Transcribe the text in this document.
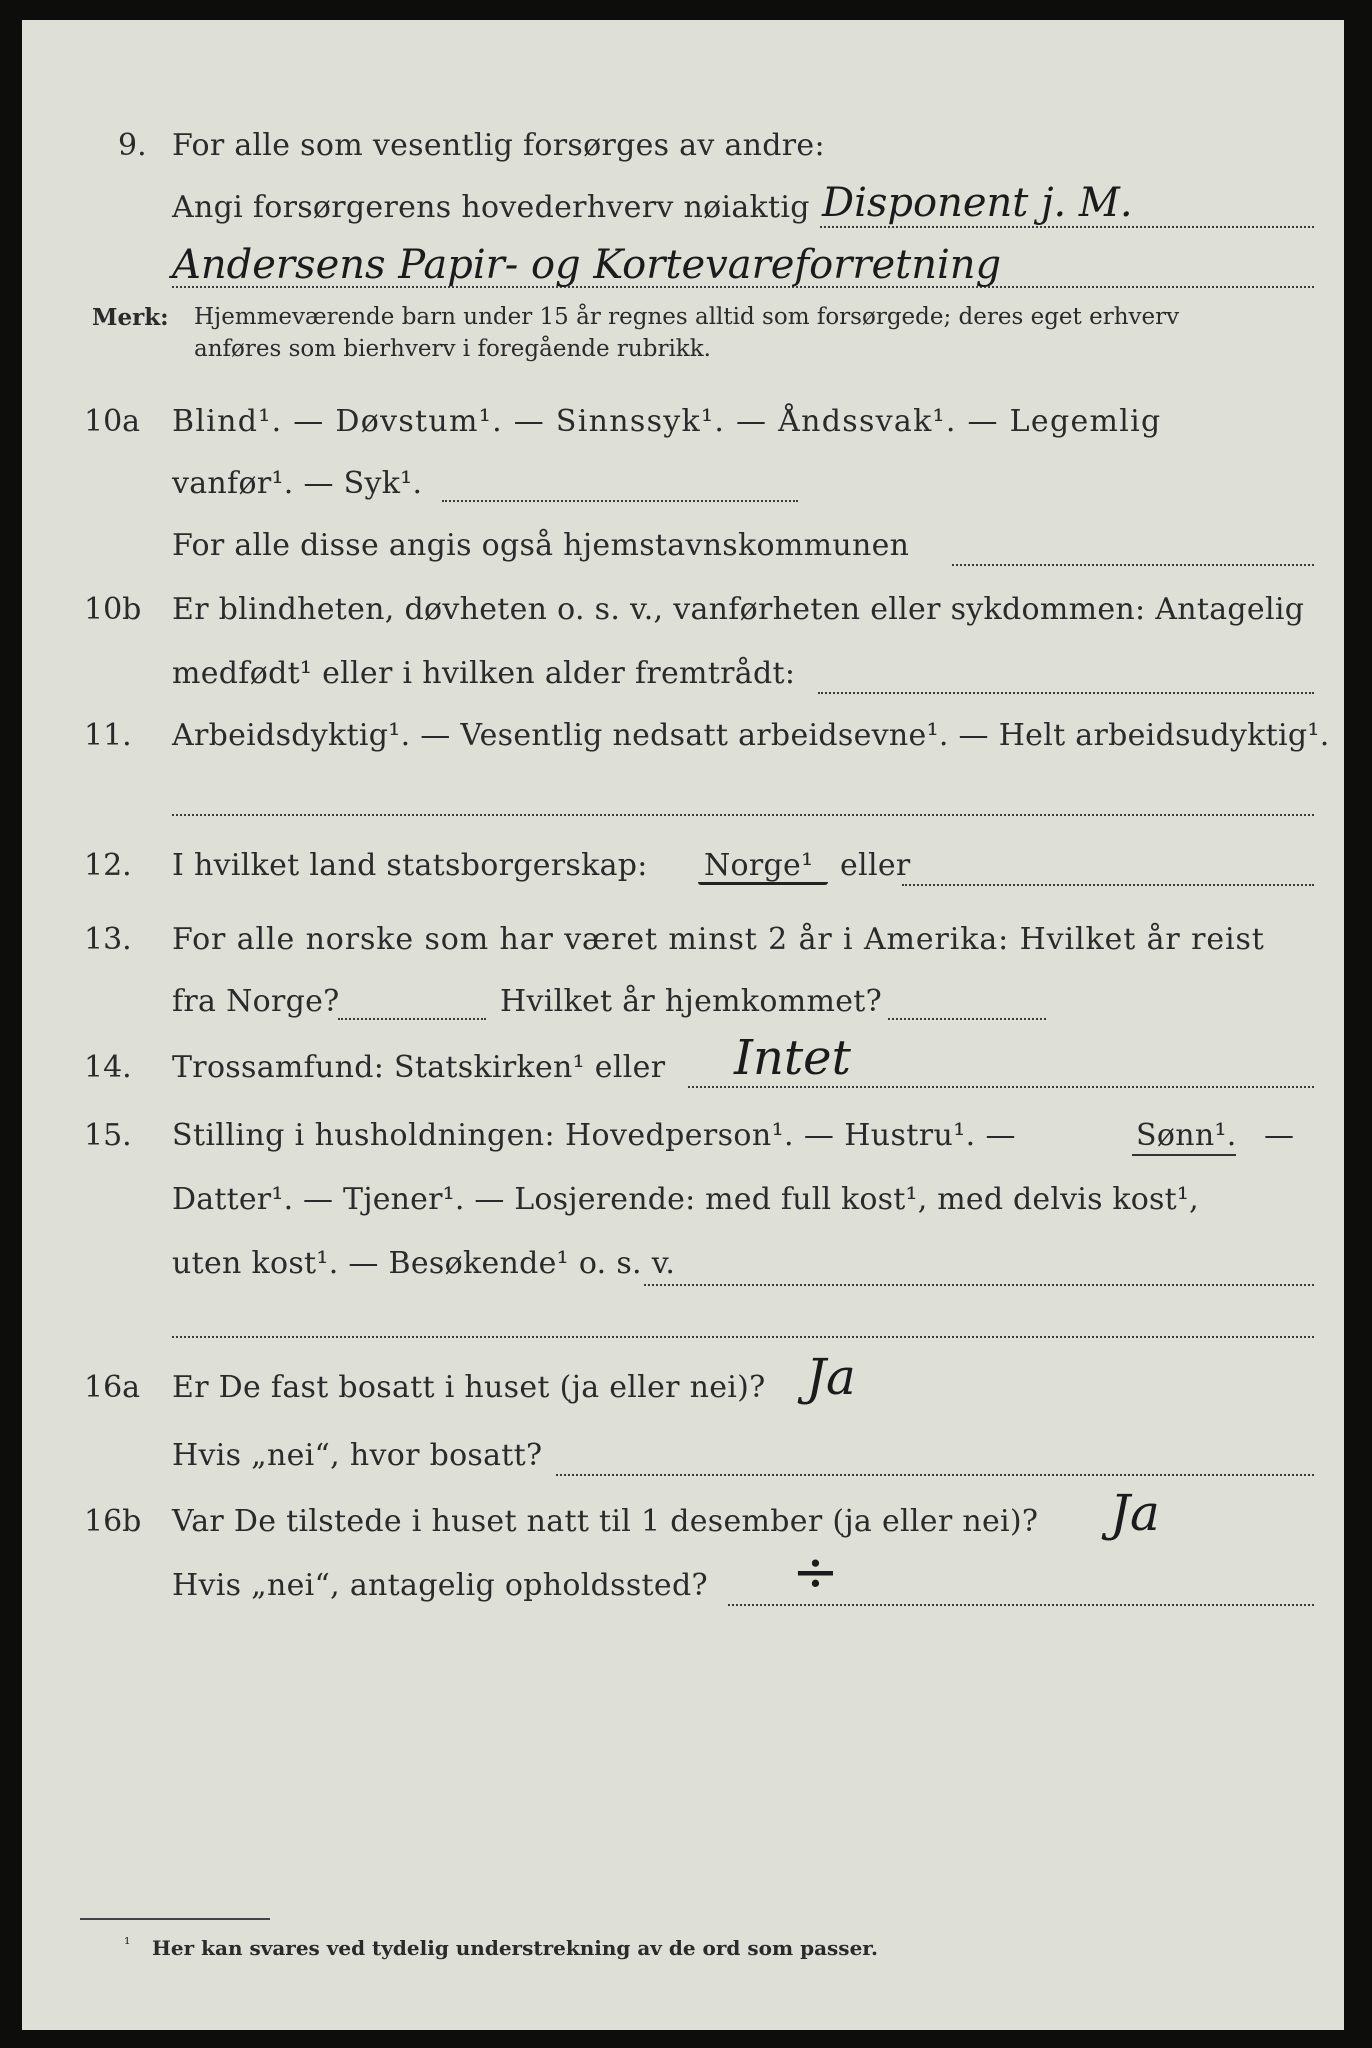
9. For alle som vesentlig forsørges av andre:
Angi forsørgerens hovederhverv nøiaktig Disponent j. M.
Andersens Papir- og Kortevareforretning
Merk: Hjemmeværende barn under 15 år regnes alltid som forsørgede; deres eget erhverv
anføres som bierhverv i foregående rubrikk.
10a Blind¹. — Døvstum¹. — Sinnssyk¹. — Åndssvak¹. — Legemlig
vanfør¹. — Syk¹.
For alle disse angis også hjemstavnskommunen
10b Er blindheten, døvheten o. s. v., vanførheten eller sykdommen: Antagelig
medfødt¹ eller i hvilken alder fremtrådt:
11. Arbeidsdyktig¹. — Vesentlig nedsatt arbeidsevne¹. — Helt arbeidsudyktig¹.
12. I hvilket land statsborgerskap: Norge¹ eller
13. For alle norske som har været minst 2 år i Amerika: Hvilket år reist
fra Norge?	Hvilket år hjemkommet?
14. Trossamfund: Statskirken¹ eller Intet
15. Stilling i husholdningen: Hovedperson¹. — Hustru¹. —	Sønn¹. —
Datter¹. — Tjener¹. — Losjerende: med full kost¹, med delvis kost¹,
uten kost¹. — Besøkende¹ o. s. v.
16a Er De fast bosatt i huset (ja eller nei)? Ja
Hvis „nei“, hvor bosatt?
16b Var De tilstede i huset natt til 1 desember (ja eller nei)? Ja
Hvis „nei“, antagelig opholdssted? ÷
¹ Her kan svares ved tydelig understrekning av de ord som passer.
